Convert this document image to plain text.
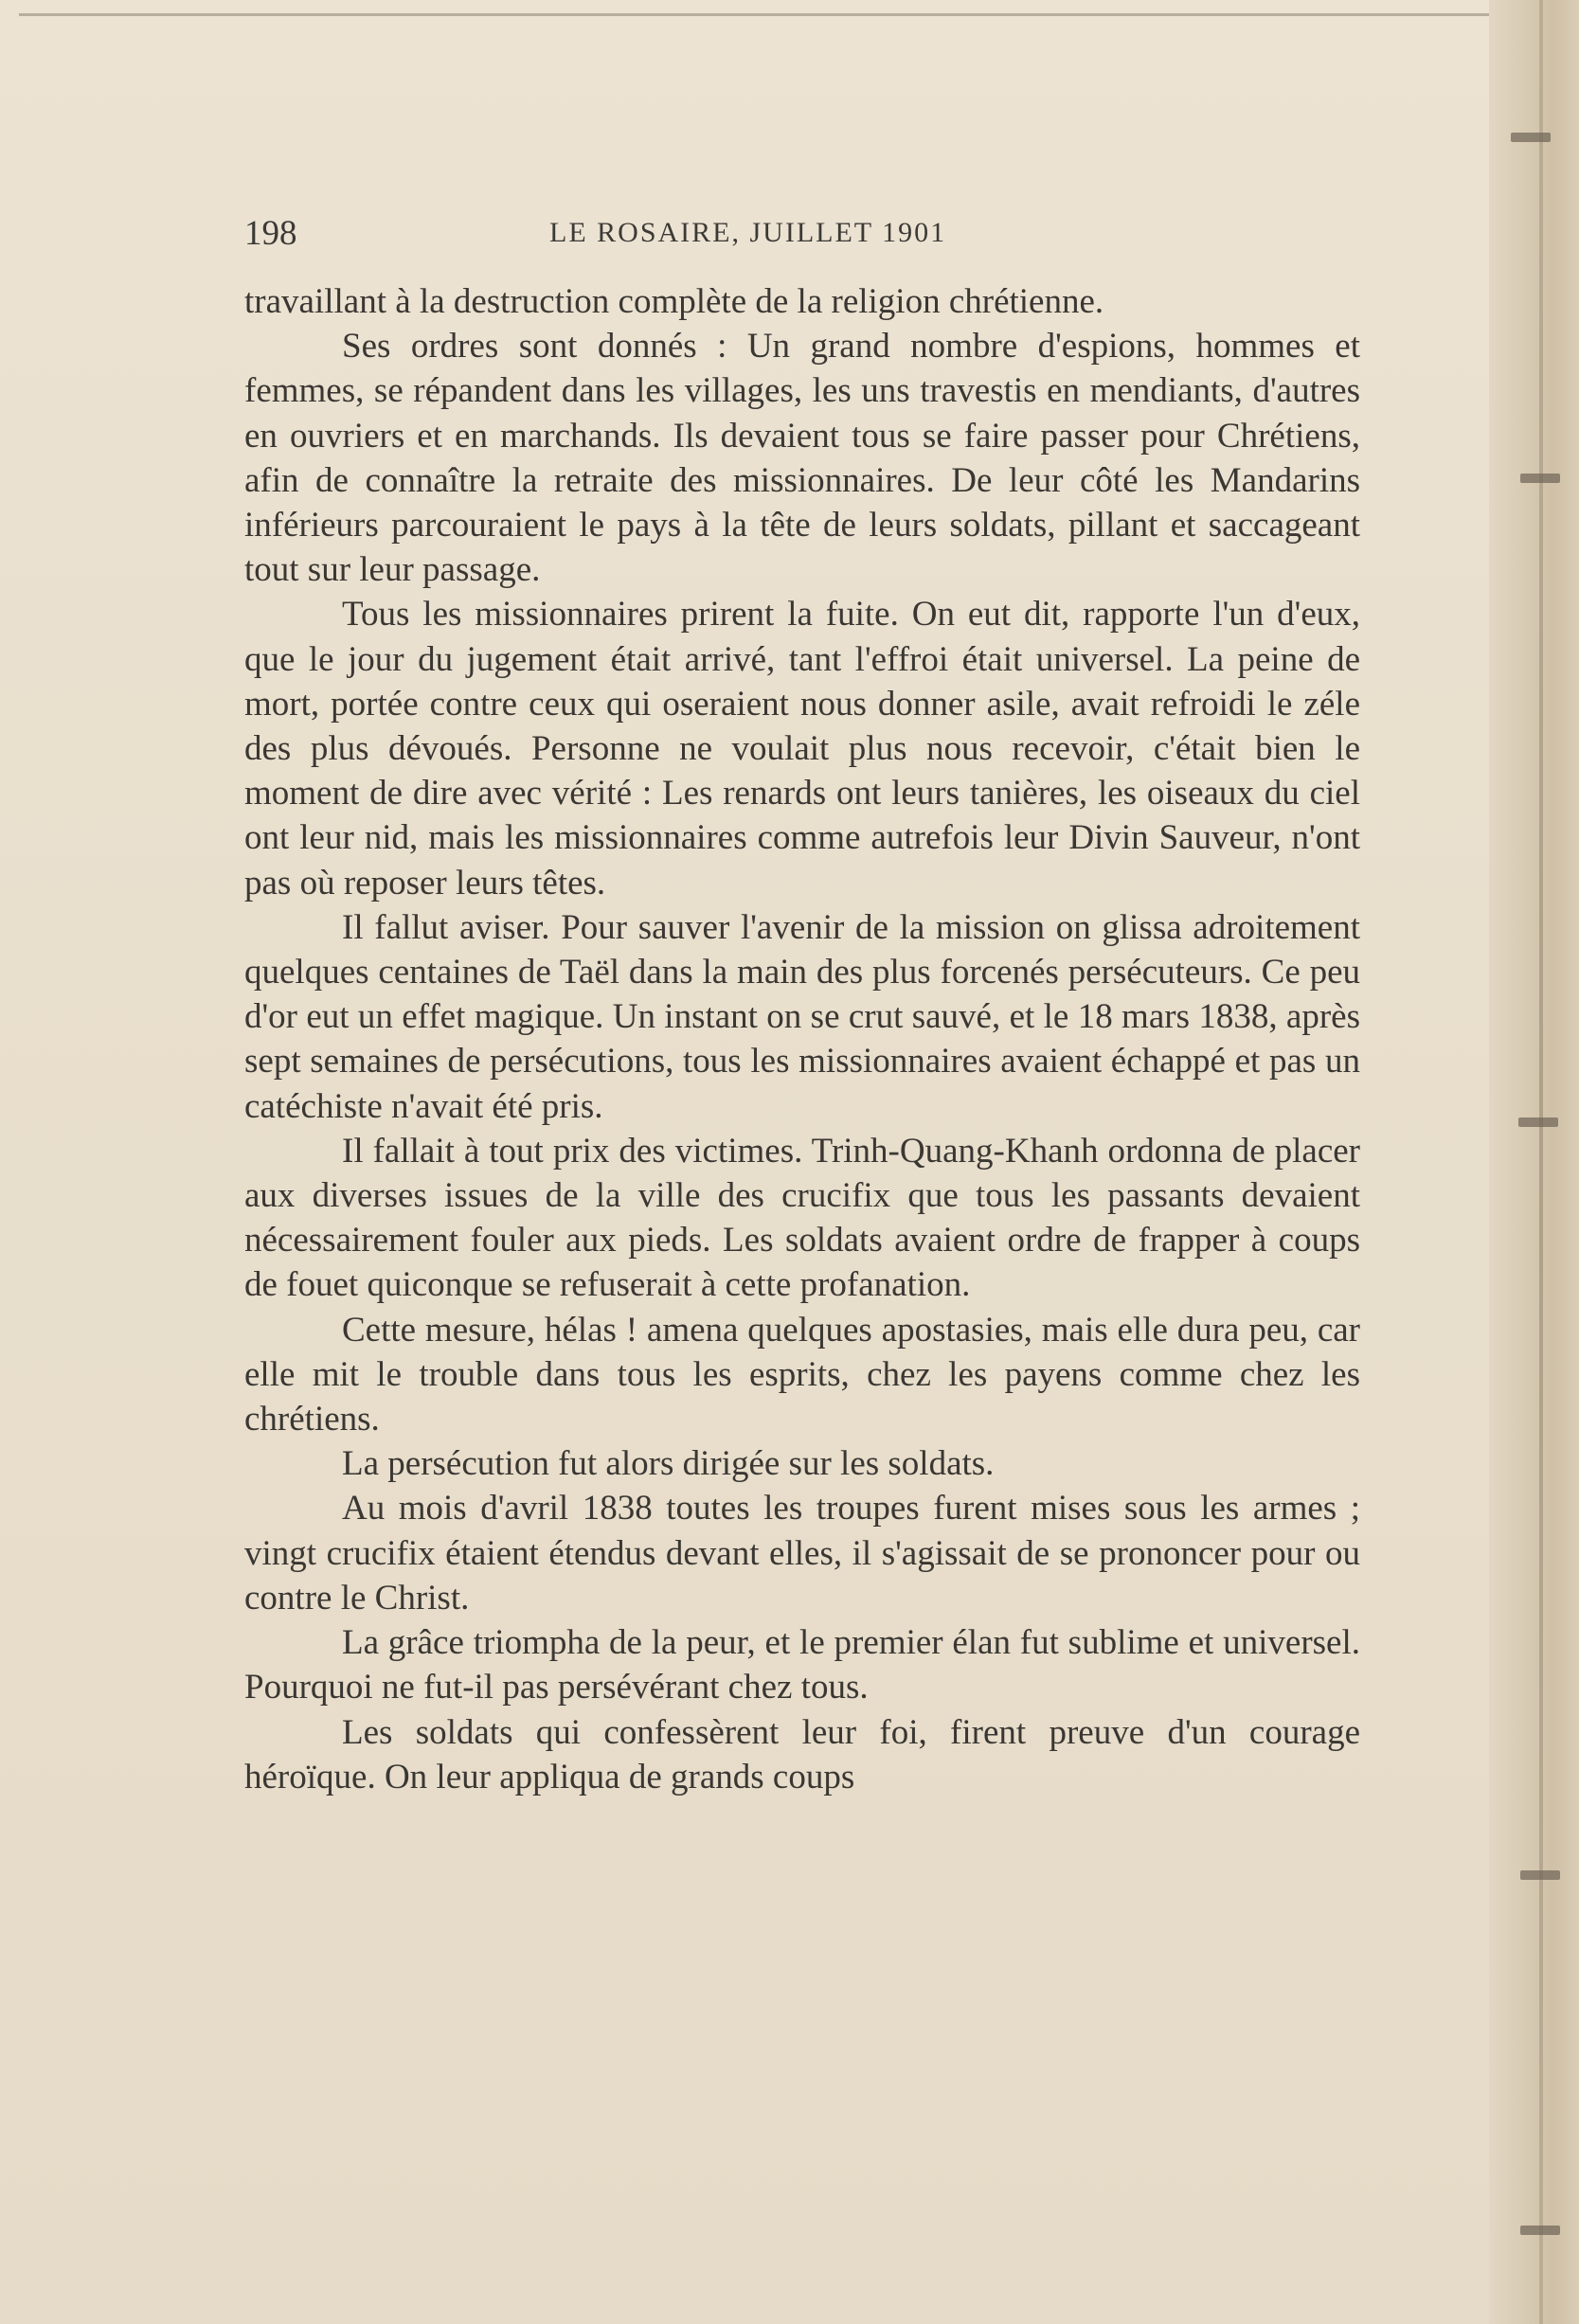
198	LE ROSAIRE, JUILLET 1901

travaillant à la destruction complète de la religion chrétienne.

Ses ordres sont donnés : Un grand nombre d'espions, hommes et femmes, se répandent dans les villages, les uns travestis en mendiants, d'autres en ouvriers et en marchands. Ils devaient tous se faire passer pour Chrétiens, afin de connaître la retraite des missionnaires. De leur côté les Mandarins inférieurs parcouraient le pays à la tête de leurs soldats, pillant et saccageant tout sur leur passage.

Tous les missionnaires prirent la fuite. On eut dit, rapporte l'un d'eux, que le jour du jugement était arrivé, tant l'effroi était universel. La peine de mort, portée contre ceux qui oseraient nous donner asile, avait refroidi le zéle des plus dévoués. Personne ne voulait plus nous recevoir, c'était bien le moment de dire avec vérité : Les renards ont leurs tanières, les oiseaux du ciel ont leur nid, mais les missionnaires comme autrefois leur Divin Sauveur, n'ont pas où reposer leurs têtes.

Il fallut aviser. Pour sauver l'avenir de la mission on glissa adroitement quelques centaines de Taël dans la main des plus forcenés persécuteurs. Ce peu d'or eut un effet magique. Un instant on se crut sauvé, et le 18 mars 1838, après sept semaines de persécutions, tous les missionnaires avaient échappé et pas un catéchiste n'avait été pris.

Il fallait à tout prix des victimes. Trinh-Quang-Khanh ordonna de placer aux diverses issues de la ville des crucifix que tous les passants devaient nécessairement fouler aux pieds. Les soldats avaient ordre de frapper à coups de fouet quiconque se refuserait à cette profanation.

Cette mesure, hélas ! amena quelques apostasies, mais elle dura peu, car elle mit le trouble dans tous les esprits, chez les payens comme chez les chrétiens.

La persécution fut alors dirigée sur les soldats.

Au mois d'avril 1838 toutes les troupes furent mises sous les armes ; vingt crucifix étaient étendus devant elles, il s'agissait de se prononcer pour ou contre le Christ.

La grâce triompha de la peur, et le premier élan fut sublime et universel. Pourquoi ne fut-il pas persévérant chez tous.

Les soldats qui confessèrent leur foi, firent preuve d'un courage héroïque. On leur appliqua de grands coups
